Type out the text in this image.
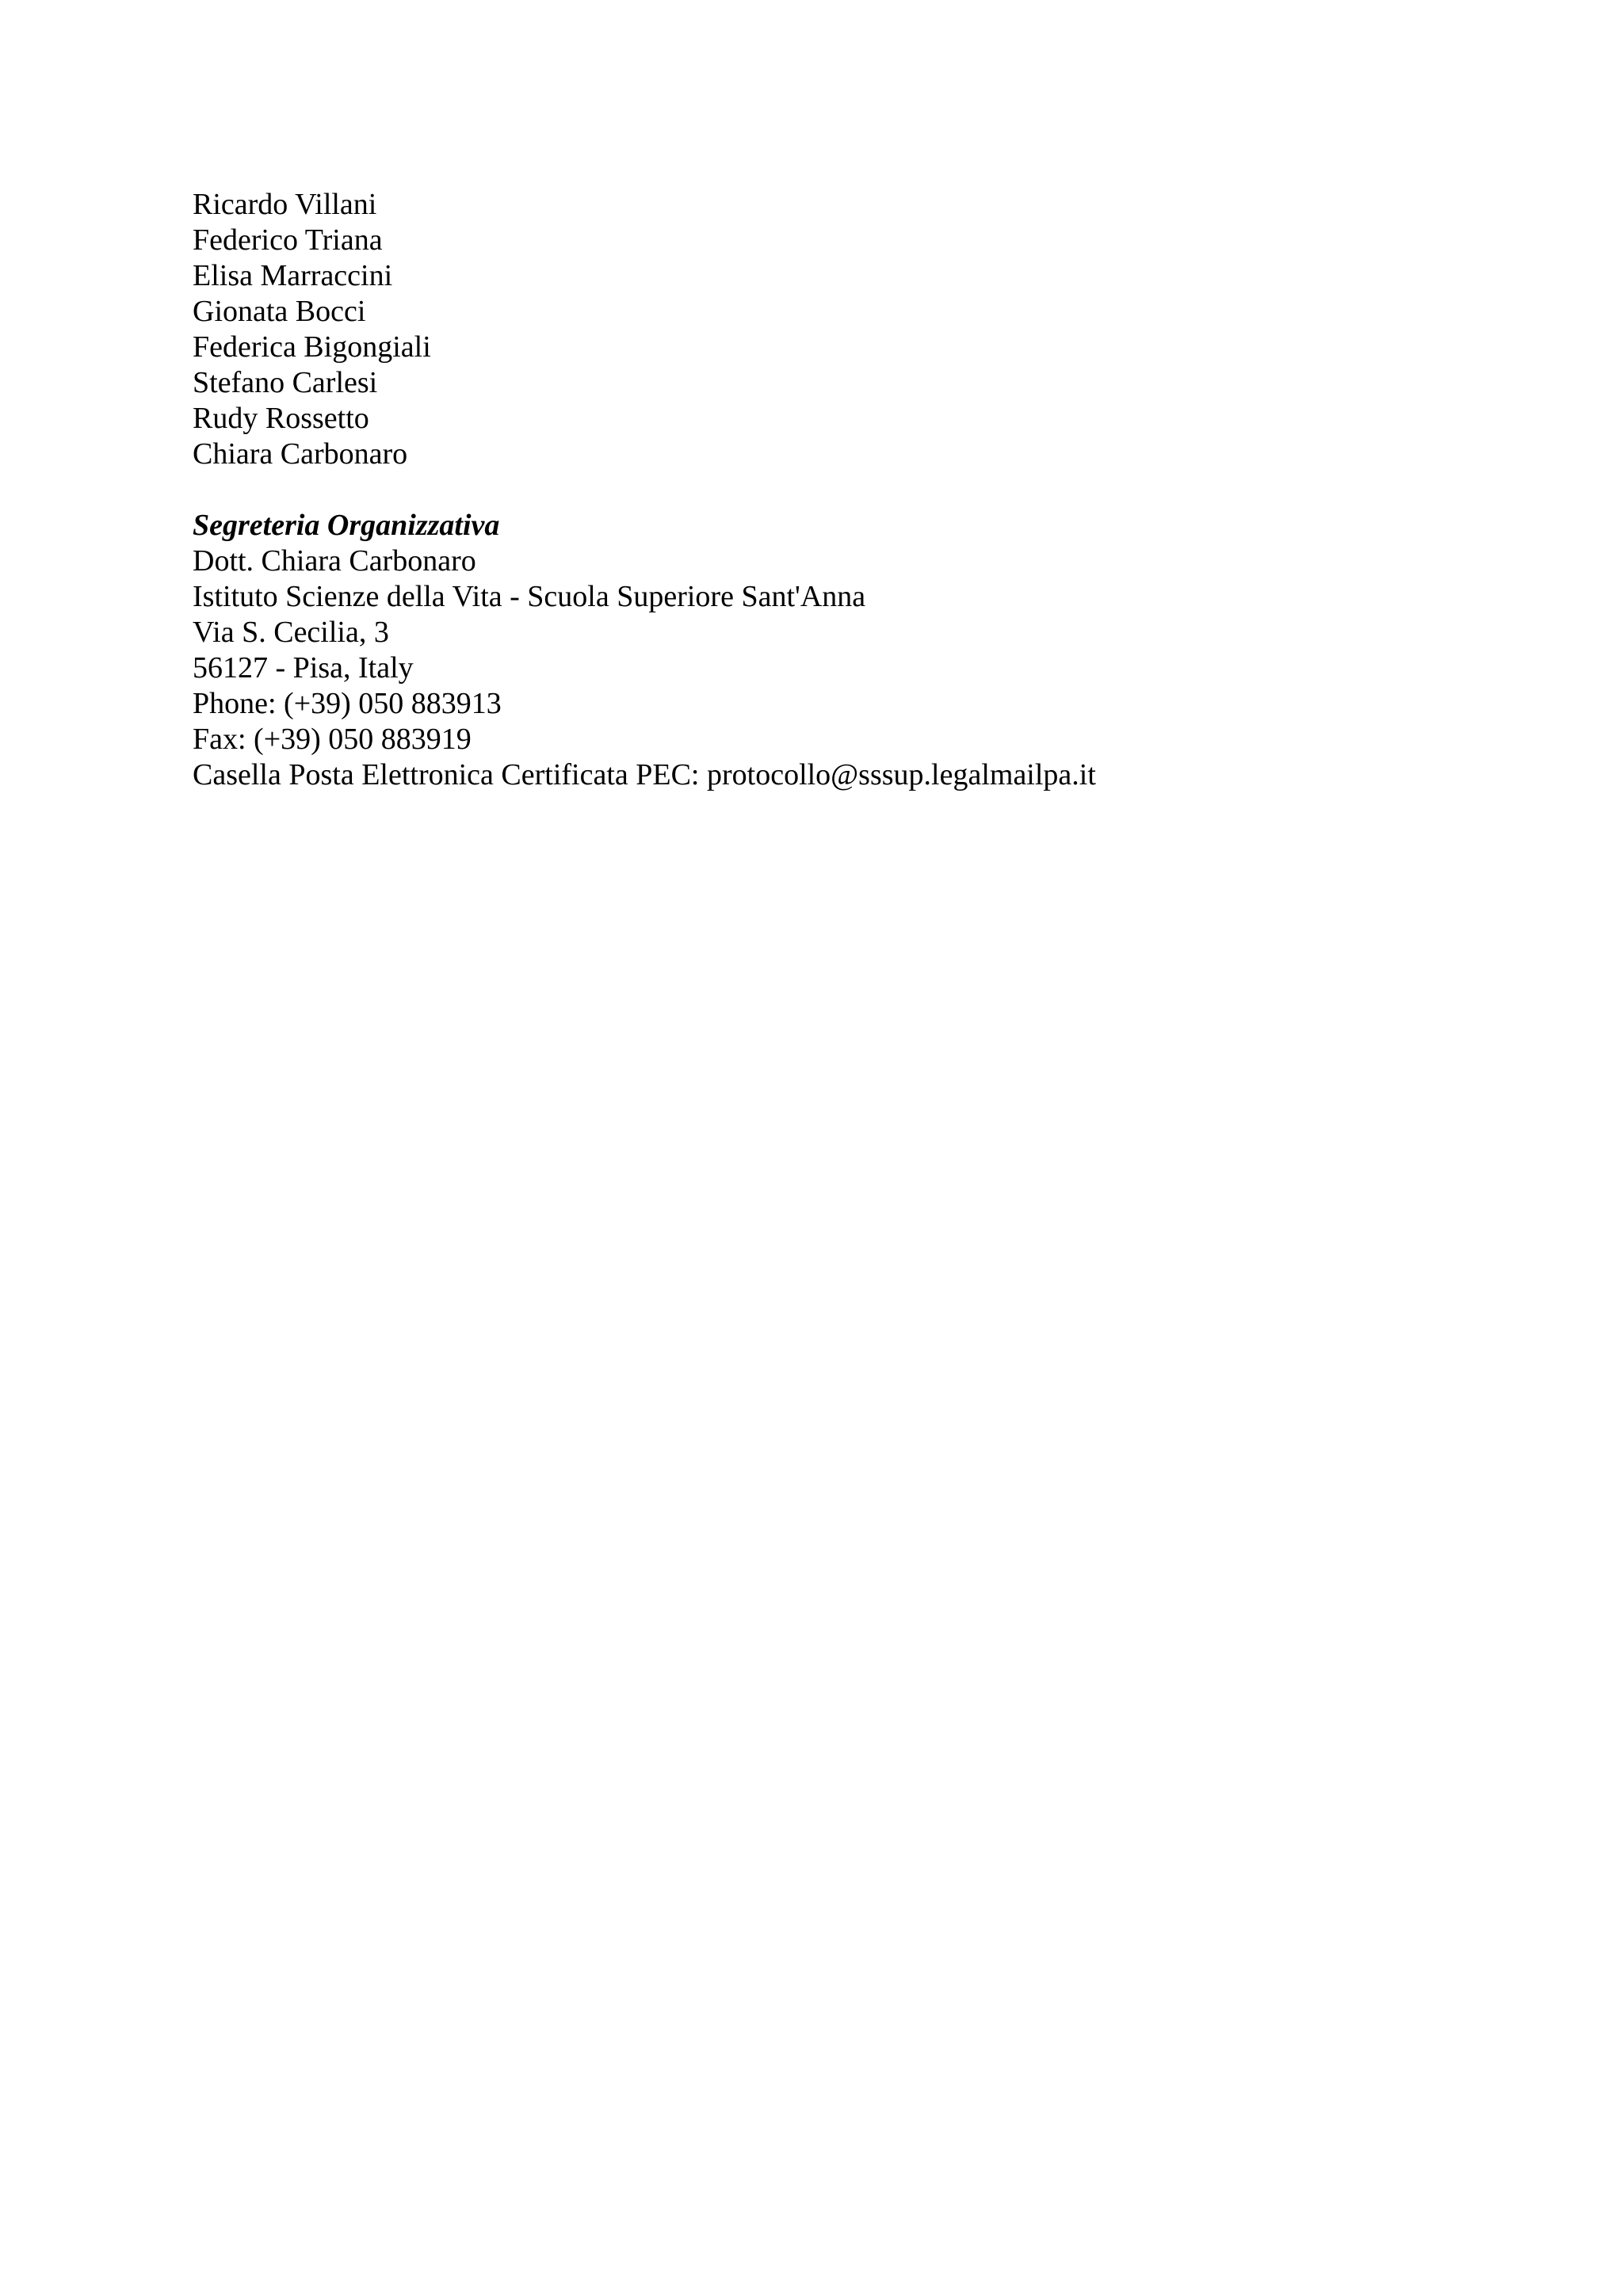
Ricardo Villani
Federico Triana
Elisa Marraccini
Gionata Bocci
Federica Bigongiali
Stefano Carlesi
Rudy Rossetto
Chiara Carbonaro
Segreteria Organizzativa
Dott. Chiara Carbonaro
Istituto Scienze della Vita - Scuola Superiore Sant'Anna
Via S. Cecilia, 3
56127 - Pisa, Italy
Phone: (+39) 050 883913
Fax: (+39) 050 883919
Casella Posta Elettronica Certificata PEC: protocollo@sssup.legalmailpa.it
